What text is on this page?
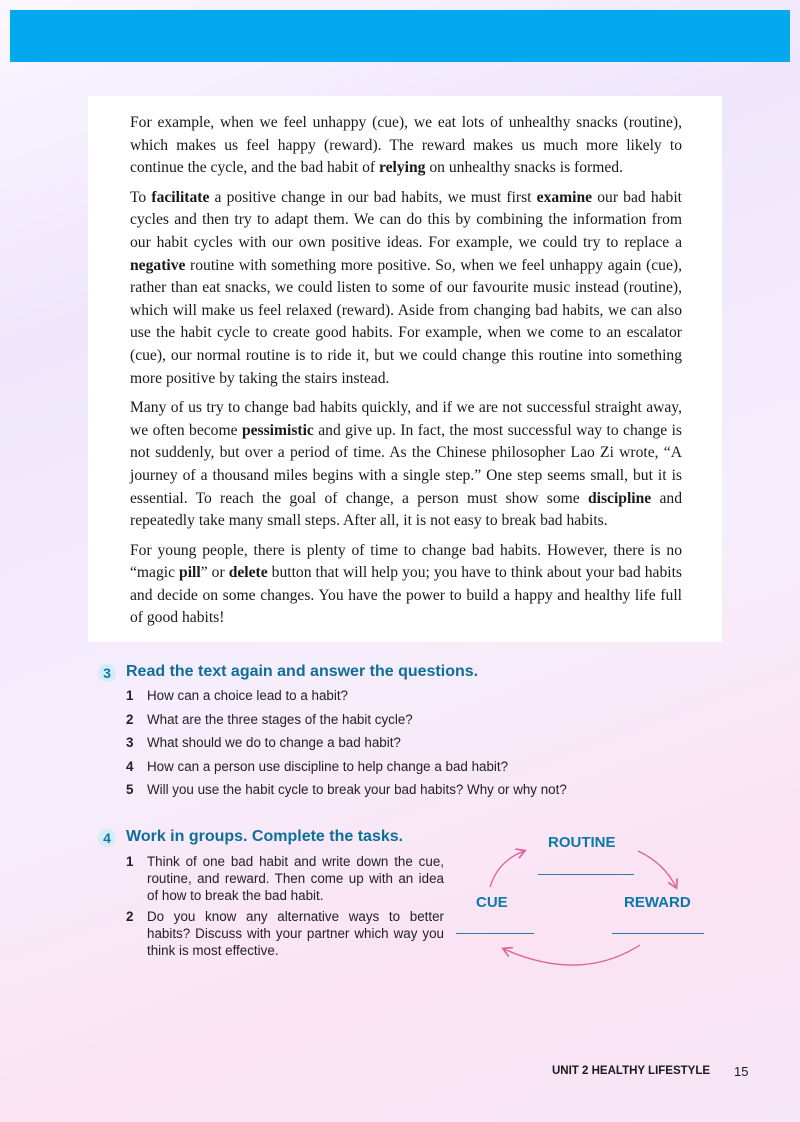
For example, when we feel unhappy (cue), we eat lots of unhealthy snacks (routine), which makes us feel happy (reward). The reward makes us much more likely to continue the cycle, and the bad habit of relying on unhealthy snacks is formed.

To facilitate a positive change in our bad habits, we must first examine our bad habit cycles and then try to adapt them. We can do this by combining the information from our habit cycles with our own positive ideas. For example, we could try to replace a negative routine with something more positive. So, when we feel unhappy again (cue), rather than eat snacks, we could listen to some of our favourite music instead (routine), which will make us feel relaxed (reward). Aside from changing bad habits, we can also use the habit cycle to create good habits. For example, when we come to an escalator (cue), our normal routine is to ride it, but we could change this routine into something more positive by taking the stairs instead.

Many of us try to change bad habits quickly, and if we are not successful straight away, we often become pessimistic and give up. In fact, the most successful way to change is not suddenly, but over a period of time. As the Chinese philosopher Lao Zi wrote, “A journey of a thousand miles begins with a single step.” One step seems small, but it is essential. To reach the goal of change, a person must show some discipline and repeatedly take many small steps. After all, it is not easy to break bad habits.

For young people, there is plenty of time to change bad habits. However, there is no “magic pill” or delete button that will help you; you have to think about your bad habits and decide on some changes. You have the power to build a happy and healthy life full of good habits!

3 Read the text again and answer the questions.
1 How can a choice lead to a habit?
2 What are the three stages of the habit cycle?
3 What should we do to change a bad habit?
4 How can a person use discipline to help change a bad habit?
5 Will you use the habit cycle to break your bad habits? Why or why not?
4 Work in groups. Complete the tasks.
1 Think of one bad habit and write down the cue, routine, and reward. Then come up with an idea of how to break the bad habit.
2 Do you know any alternative ways to better habits? Discuss with your partner which way you think is most effective.
ROUTINE
CUE	REWARD
UNIT 2 HEALTHY LIFESTYLE 15
